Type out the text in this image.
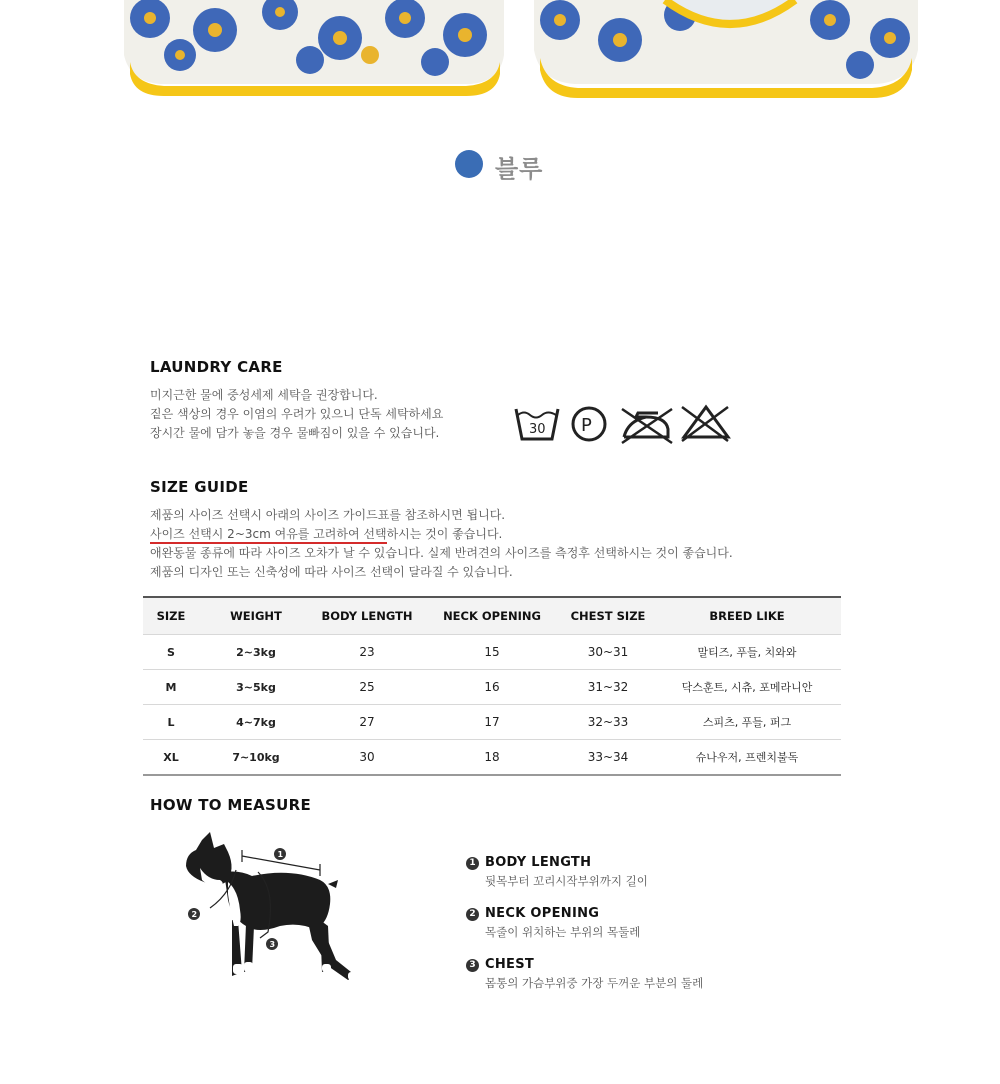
블루
LAUNDRY CARE
미지근한 물에 중성세제 세탁을 권장합니다.
짙은 색상의 경우 이염의 우려가 있으니 단독 세탁하세요
장시간 물에 담가 놓을 경우 물빠짐이 있을 수 있습니다.	30 P
SIZE GUIDE
제품의 사이즈 선택시 아래의 사이즈 가이드표를 참조하시면 됩니다.
사이즈 선택시 2~3cm 여유를 고려하여 선택하시는 것이 좋습니다.
애완동물 종류에 따라 사이즈 오차가 날 수 있습니다. 실제 반려견의 사이즈를 측정후 선택하시는 것이 좋습니다.
제품의 디자인 또는 신축성에 따라 사이즈 선택이 달라질 수 있습니다.
SIZE	WEIGHT	BODY LENGTH	NECK OPENING	CHEST SIZE	BREED LIKE
S	2~3kg	23	15	30~31	말티즈, 푸들, 치와와
M	3~5kg	25	16	31~32	닥스훈트, 시츄, 포메라니안
L	4~7kg	27	17	32~33	스피츠, 푸들, 퍼그
XL	7~10kg	30	18	33~34	슈나우저, 프렌치불독
HOW TO MEASURE
1
2
3
1 BODY LENGTH
뒷목부터 꼬리시작부위까지 길이
2 NECK OPENING
목줄이 위치하는 부위의 목둘레
3 CHEST
몸통의 가슴부위중 가장 두꺼운 부분의 둘레
